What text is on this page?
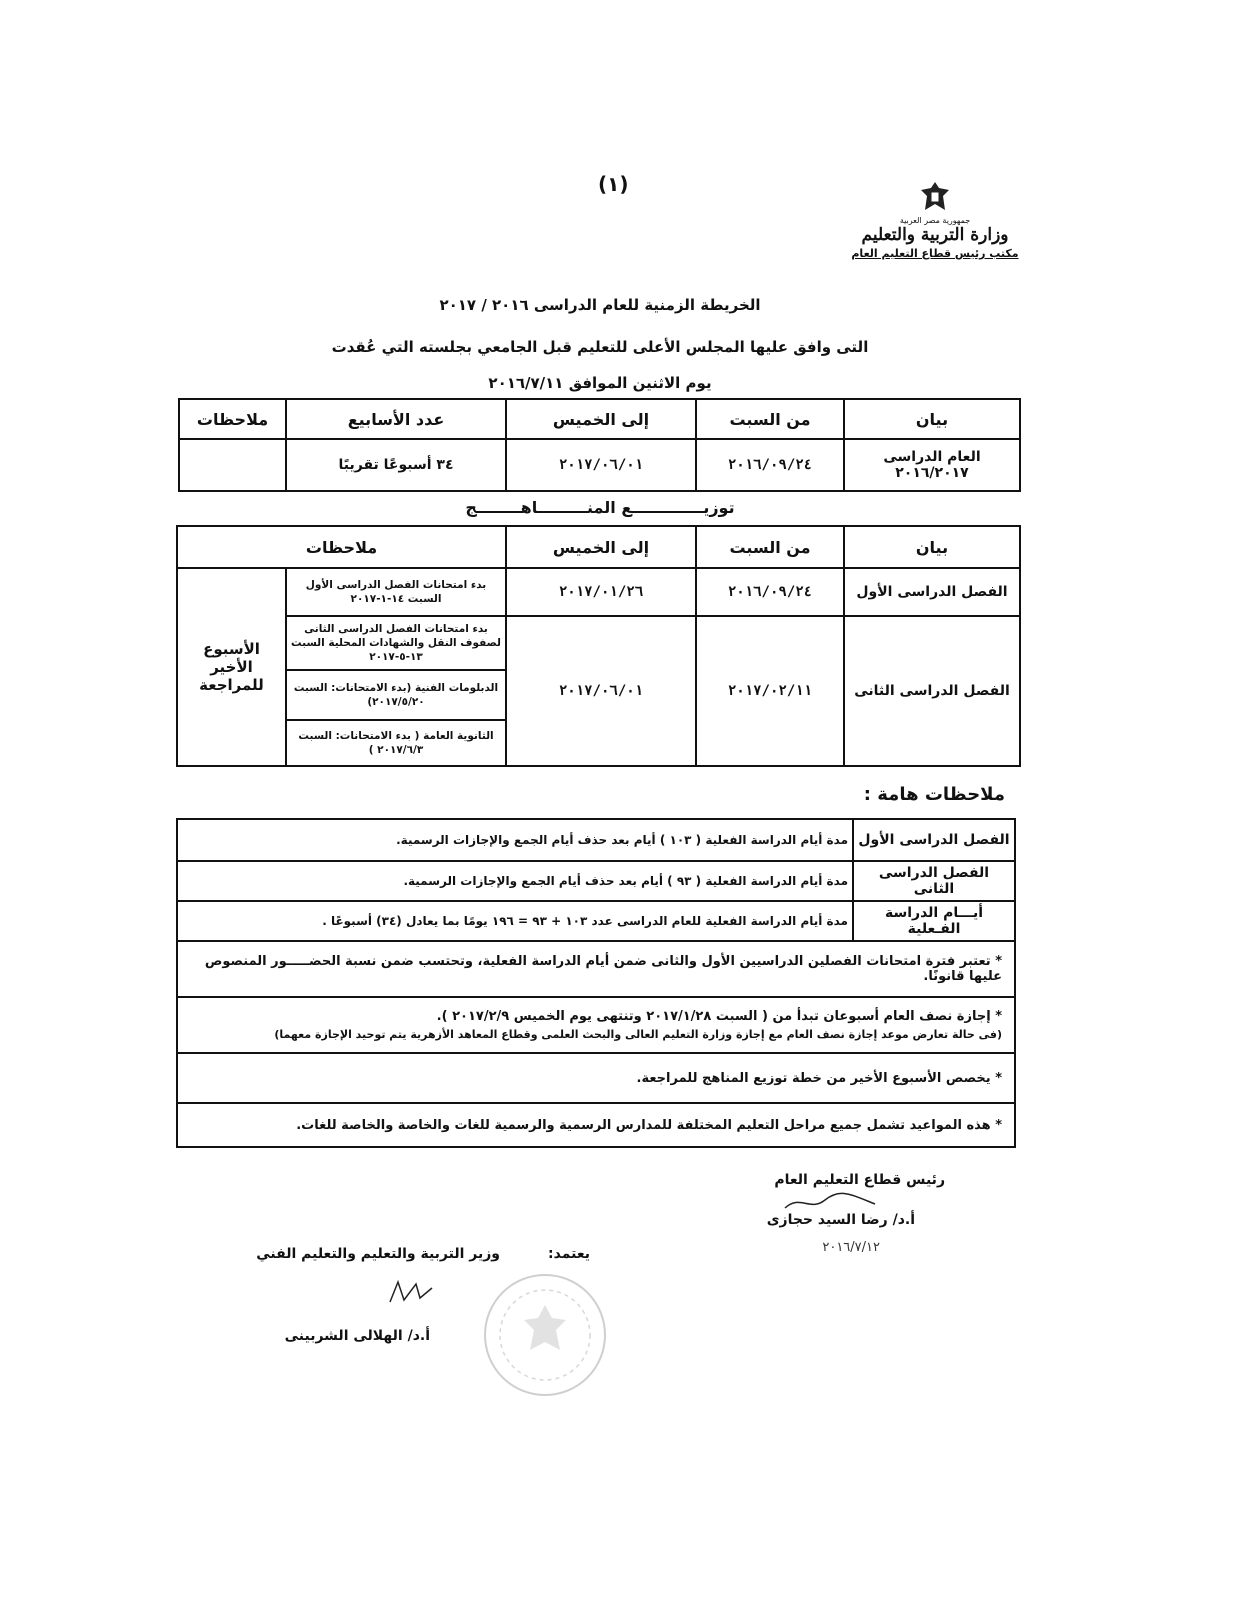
(١)
جمهورية مصر العربية
وزارة التربية والتعليم
مكتب رئيس قطاع التعليم العام
الخريطة الزمنية للعام الدراسى ٢٠١٦ / ٢٠١٧
التى وافق عليها المجلس الأعلى للتعليم قبل الجامعي بجلسته التي عُقدت
يوم الاثنين الموافق ٢٠١٦/٧/١١
بيان	من السبت	إلى الخميس	عدد الأسابيع	ملاحظات
العام الدراسى ٢٠١٦/٢٠١٧	٢٠١٦/٠٩/٢٤	٢٠١٧/٠٦/٠١	٣٤ أسبوعًا تقريبًا	
توزيـــــــــــــع المنـــــــــاهــــــــج
بيان	من السبت	إلى الخميس	ملاحظات	
الفصل الدراسى الأول	٢٠١٦/٠٩/٢٤	٢٠١٧/٠١/٢٦	بدء امتحانات الفصل الدراسى الأول السبت ١٤-١-٢٠١٧	الأسبوع الأخير للمراجعة
الفصل الدراسى الثانى	٢٠١٧/٠٢/١١	٢٠١٧/٠٦/٠١	بدء امتحانات الفصل الدراسى الثانى لصفوف النقل والشهادات المحلية السبت ١٣-٥-٢٠١٧	
			الدبلومات الفنية (بدء الامتحانات: السبت ٢٠١٧/٥/٢٠)	
			الثانوية العامة ( بدء الامتحانات: السبت ٢٠١٧/٦/٣ )	
ملاحظات هامة :
الفصل الدراسى الأول	مدة أيام الدراسة الفعلية ( ١٠٣ ) أيام بعد حذف أيام الجمع والإجازات الرسمية.
الفصل الدراسى الثانى	مدة أيام الدراسة الفعلية ( ٩٣ ) أيام بعد حذف أيام الجمع والإجازات الرسمية.
أيـــام الدراسة الفـعلية	مدة أيام الدراسة الفعلية للعام الدراسى عدد ١٠٣ + ٩٣ = ١٩٦ يومًا بما يعادل (٣٤) أسبوعًا .
* تعتبر فترة امتحانات الفصلين الدراسيين الأول والثانى ضمن أيام الدراسة الفعلية، وتحتسب ضمن نسبة الحضـــــور المنصوص عليها قانونًا.	

* إجازة نصف العام أسبوعان تبدأ من ( السبت ٢٠١٧/١/٢٨ وتنتهى يوم الخميس ٢٠١٧/٢/٩ ).
(فى حالة تعارض موعد إجازة نصف العام مع إجازة وزارة التعليم العالى والبحث العلمى وقطاع المعاهد الأزهرية يتم توحيد الإجازة معهما)	

* يخصص الأسبوع الأخير من خطة توزيع المناهج للمراجعة.	
* هذه المواعيد تشمل جميع مراحل التعليم المختلفة للمدارس الرسمية والرسمية للغات والخاصة والخاصة للغات.	
رئيس قطاع التعليم العام
أ.د/ رضا السيد حجازى
٢٠١٦/٧/١٢
يعتمد:
وزير التربية والتعليم والتعليم الفني
أ.د/ الهلالى الشربينى
